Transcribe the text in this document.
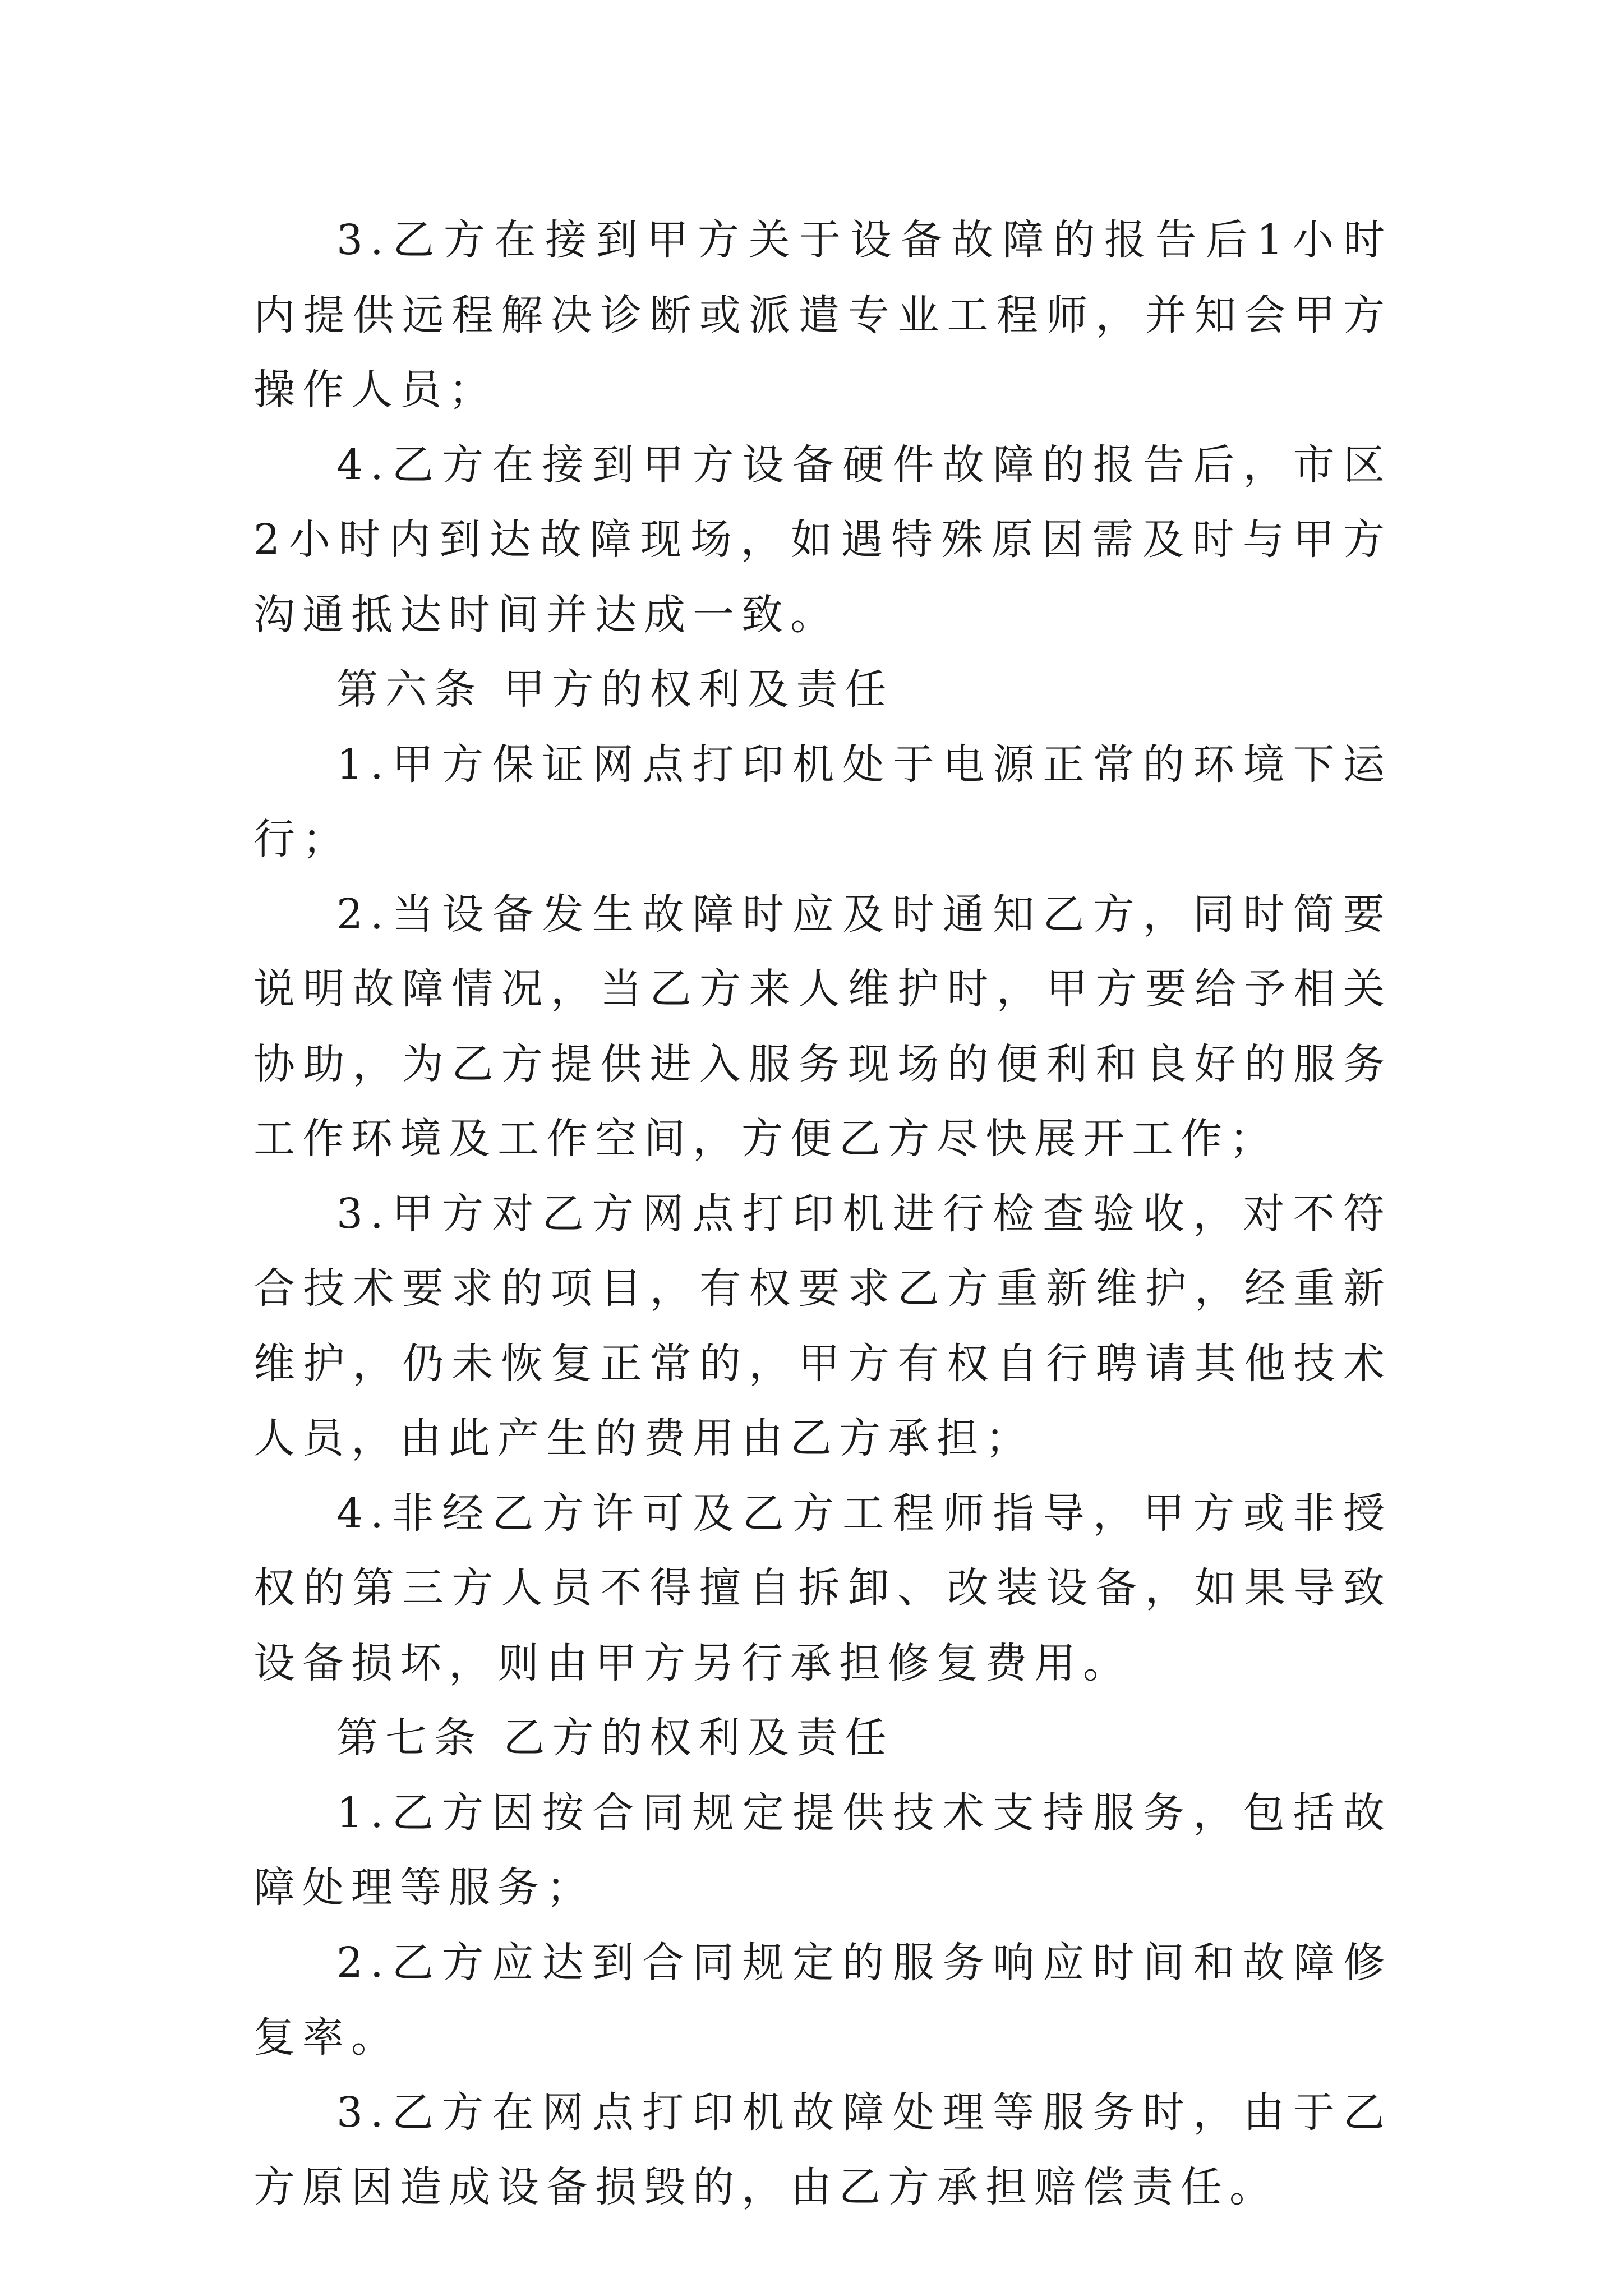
3.乙方在接到甲方关于设备故障的报告后1小时内提供远程解决诊断或派遣专业工程师，并知会甲方操作人员；

4.乙方在接到甲方设备硬件故障的报告后，市区2小时内到达故障现场，如遇特殊原因需及时与甲方沟通抵达时间并达成一致。

第六条 甲方的权利及责任

1.甲方保证网点打印机处于电源正常的环境下运行；

2.当设备发生故障时应及时通知乙方，同时简要说明故障情况，当乙方来人维护时，甲方要给予相关协助，为乙方提供进入服务现场的便利和良好的服务工作环境及工作空间，方便乙方尽快展开工作；

3.甲方对乙方网点打印机进行检查验收，对不符合技术要求的项目，有权要求乙方重新维护，经重新维护，仍未恢复正常的，甲方有权自行聘请其他技术人员，由此产生的费用由乙方承担；

4.非经乙方许可及乙方工程师指导，甲方或非授权的第三方人员不得擅自拆卸、改装设备，如果导致设备损坏，则由甲方另行承担修复费用。

第七条 乙方的权利及责任

1.乙方因按合同规定提供技术支持服务，包括故障处理等服务；

2.乙方应达到合同规定的服务响应时间和故障修复率。

3.乙方在网点打印机故障处理等服务时，由于乙方原因造成设备损毁的，由乙方承担赔偿责任。
